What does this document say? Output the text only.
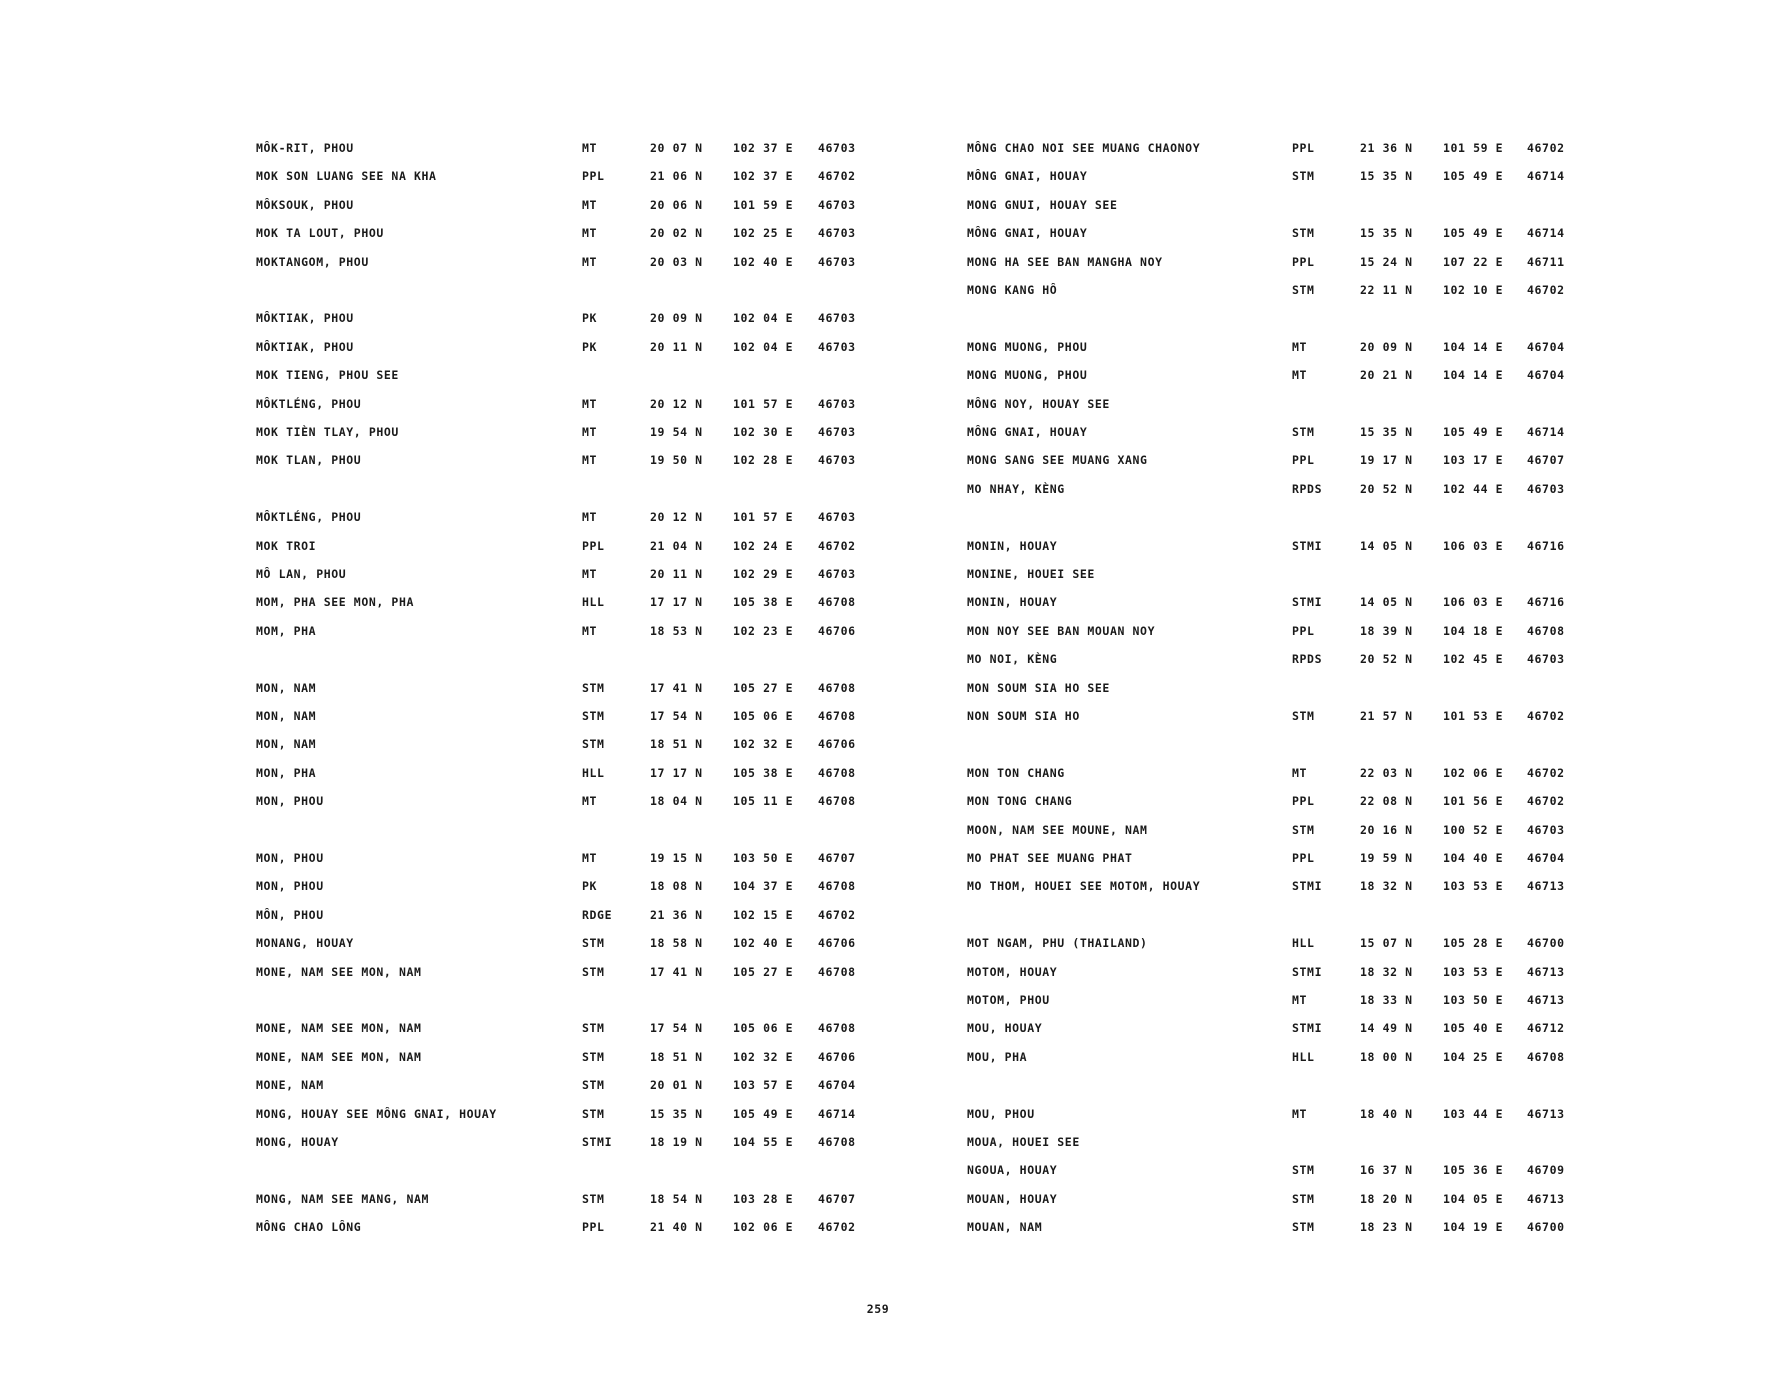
MÔK-RIT, PHOU	MT	20 07 N	102 37 E 46703
MOK SON LUANG SEE NA KHA	PPL	21 06 N	102 37 E 46702
MÔKSOUK, PHOU	MT	20 06 N	101 59 E 46703
MOK TA LOUT, PHOU	MT	20 02 N	102 25 E 46703
MOKTANGOM, PHOU	MT	20 03 N	102 40 E 46703
MÔKTIAK, PHOU	PK	20 09 N	102 04 E 46703
MÔKTIAK, PHOU	PK	20 11 N	102 04 E 46703
MOK TIENG, PHOU SEE
MÔKTLÉNG, PHOU	MT	20 12 N	101 57 E 46703
MOK TIÈN TLAY, PHOU	MT	19 54 N	102 30 E 46703
MOK TLAN, PHOU	MT	19 50 N	102 28 E 46703
MÔKTLÉNG, PHOU	MT	20 12 N	101 57 E 46703
MOK TROI	PPL	21 04 N	102 24 E 46702
MÔ LAN, PHOU	MT	20 11 N	102 29 E 46703
MOM, PHA SEE MON, PHA	HLL	17 17 N	105 38 E 46708
MOM, PHA	MT	18 53 N	102 23 E 46706
MON, NAM	STM	17 41 N	105 27 E 46708
MON, NAM	STM	17 54 N	105 06 E 46708
MON, NAM	STM	18 51 N	102 32 E 46706
MON, PHA	HLL	17 17 N	105 38 E 46708
MON, PHOU	MT	18 04 N	105 11 E 46708
MON, PHOU	MT	19 15 N	103 50 E 46707
MON, PHOU	PK	18 08 N	104 37 E 46708
MÔN, PHOU	RDGE	21 36 N	102 15 E 46702
MONANG, HOUAY	STM	18 58 N	102 40 E 46706
MONE, NAM SEE MON, NAM	STM	17 41 N	105 27 E 46708
MONE, NAM SEE MON, NAM	STM	17 54 N	105 06 E 46708
MONE, NAM SEE MON, NAM	STM	18 51 N	102 32 E 46706
MONE, NAM	STM	20 01 N	103 57 E 46704
MONG, HOUAY SEE MÔNG GNAI, HOUAY	STM	15 35 N	105 49 E 46714
MONG, HOUAY	STMI	18 19 N	104 55 E 46708
MONG, NAM SEE MANG, NAM	STM	18 54 N	103 28 E 46707
MÔNG CHAO LÔNG	PPL	21 40 N	102 06 E 46702
MÔNG CHAO NOI SEE MUANG CHAONOY	PPL	21 36 N	101 59 E 46702
MÔNG GNAI, HOUAY	STM	15 35 N	105 49 E 46714
MONG GNUI, HOUAY SEE
MÔNG GNAI, HOUAY	STM	15 35 N	105 49 E 46714
MONG HA SEE BAN MANGHA NOY	PPL	15 24 N	107 22 E 46711
MONG KANG HÔ	STM	22 11 N	102 10 E 46702
MONG MUONG, PHOU	MT	20 09 N	104 14 E 46704
MONG MUONG, PHOU	MT	20 21 N	104 14 E 46704
MÔNG NOY, HOUAY SEE
MÔNG GNAI, HOUAY	STM	15 35 N	105 49 E 46714
MONG SANG SEE MUANG XANG	PPL	19 17 N	103 17 E 46707
MO NHAY, KÈNG	RPDS	20 52 N	102 44 E 46703
MONIN, HOUAY	STMI	14 05 N	106 03 E 46716
MONINE, HOUEI SEE
MONIN, HOUAY	STMI	14 05 N	106 03 E 46716
MON NOY SEE BAN MOUAN NOY	PPL	18 39 N	104 18 E 46708
MO NOI, KÈNG	RPDS	20 52 N	102 45 E 46703
MON SOUM SIA HO SEE
NON SOUM SIA HO	STM	21 57 N	101 53 E 46702
MON TON CHANG	MT	22 03 N	102 06 E 46702
MON TONG CHANG	PPL	22 08 N	101 56 E 46702
MOON, NAM SEE MOUNE, NAM	STM	20 16 N	100 52 E 46703
MO PHAT SEE MUANG PHAT	PPL	19 59 N	104 40 E 46704
MO THOM, HOUEI SEE MOTOM, HOUAY	STMI	18 32 N	103 53 E 46713
MOT NGAM, PHU (THAILAND)	HLL	15 07 N	105 28 E 46700
MOTOM, HOUAY	STMI	18 32 N	103 53 E 46713
MOTOM, PHOU	MT	18 33 N	103 50 E 46713
MOU, HOUAY	STMI	14 49 N	105 40 E 46712
MOU, PHA	HLL	18 00 N	104 25 E 46708
MOU, PHOU	MT	18 40 N	103 44 E 46713
MOUA, HOUEI SEE
NGOUA, HOUAY	STM	16 37 N	105 36 E 46709
MOUAN, HOUAY	STM	18 20 N	104 05 E 46713
MOUAN, NAM	STM	18 23 N	104 19 E 46700
259
